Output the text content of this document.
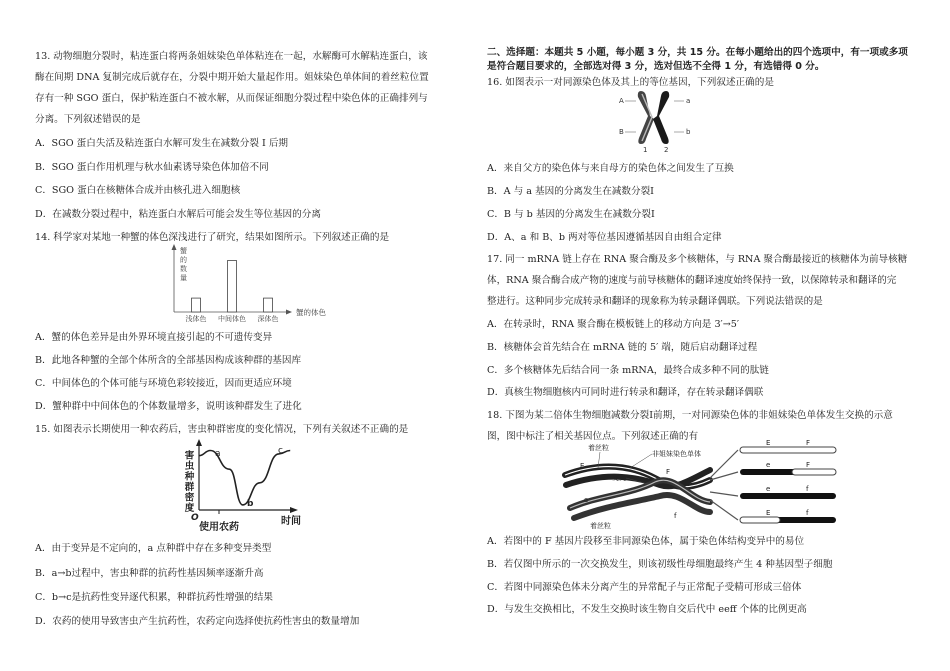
13. 动物细胞分裂时，粘连蛋白将两条姐妹染色单体粘连在一起，水解酶可水解粘连蛋白，该
酶在间期 DNA 复制完成后就存在，分裂中期开始大量起作用。姐妹染色单体间的着丝粒位置
存有一种 SGO 蛋白，保护粘连蛋白不被水解，从而保证细胞分裂过程中染色体的正确排列与
分离。下列叙述错误的是
A．SGO 蛋白失活及粘连蛋白水解可发生在减数分裂 I 后期
B．SGO 蛋白作用机理与秋水仙素诱导染色体加倍不同
C．SGO 蛋白在核糖体合成并由核孔进入细胞核
D．在减数分裂过程中，粘连蛋白水解后可能会发生等位基因的分离
14. 科学家对某地一种蟹的体色深浅进行了研究，结果如图所示。下列叙述正确的是
蟹
的
数
量
浅体色 中间体色 深体色
蟹的体色
A．蟹的体色差异是由外界环境直接引起的不可遗传变异
B．此地各种蟹的全部个体所含的全部基因构成该种群的基因库
C．中间体色的个体可能与环境色彩较接近，因而更适应环境
D．蟹种群中中间体色的个体数量增多，说明该种群发生了进化
15. 如图表示长期使用一种农药后，害虫种群密度的变化情况，下列有关叙述不正确的是
害虫种群密度 a
b
c
O
使用农药
时间
A．由于变异是不定向的，a 点种群中存在多种变异类型
B．a→b过程中，害虫种群的抗药性基因频率逐渐升高
C．b→c是抗药性变异逐代积累，种群抗药性增强的结果
D．农药的使用导致害虫产生抗药性，农药定向选择使抗药性害虫的数量增加
二、选择题：本题共 5 小题，每小题 3 分，共 15 分。在每小题给出的四个选项中，有一项或多项
是符合题目要求的，全部选对得 3 分，选对但选不全得 1 分，有选错得 0 分。
16. 如图表示一对同源染色体及其上的等位基因，下列叙述正确的是
A
B
a
b
1 2
A．来自父方的染色体与来自母方的染色体之间发生了互换
B．A 与 a 基因的分离发生在减数分裂Ⅰ
C．B 与 b 基因的分离发生在减数分裂Ⅰ
D．A、a 和 B、b 两对等位基因遵循基因自由组合定律
17. 同一 mRNA 链上存在 RNA 聚合酶及多个核糖体，与 RNA 聚合酶最接近的核糖体为前导核糖
体，RNA 聚合酶合成产物的速度与前导核糖体的翻译速度始终保持一致，以保障转录和翻译的完
整进行。这种同步完成转录和翻译的现象称为转录翻译偶联。下列说法错误的是
A．在转录时，RNA 聚合酶在模板链上的移动方向是 3′→5′
B．核糖体会首先结合在 mRNA 链的 5′ 端，随后启动翻译过程
C．多个核糖体先后结合同一条 mRNA，最终合成多种不同的肽链
D．真核生物细胞核内可同时进行转录和翻译，存在转录翻译偶联
18. 下图为某二倍体生物细胞减数分裂Ⅰ前期，一对同源染色体的非姐妹染色单体发生交换的示意
图，图中标注了相关基因位点。下列叙述正确的有
着丝粒
非姐妹染色单体
交叉
着丝粒
F
f
E
e
E	F
e	F
e	f
E	f
A．若图中的 F 基因片段移至非同源染色体，属于染色体结构变异中的易位
B．若仅图中所示的一次交换发生，则该初级性母细胞最终产生 4 种基因型子细胞
C．若图中同源染色体未分离产生的异常配子与正常配子受精可形成三倍体
D．与发生交换相比，不发生交换时该生物自交后代中 eeff 个体的比例更高
